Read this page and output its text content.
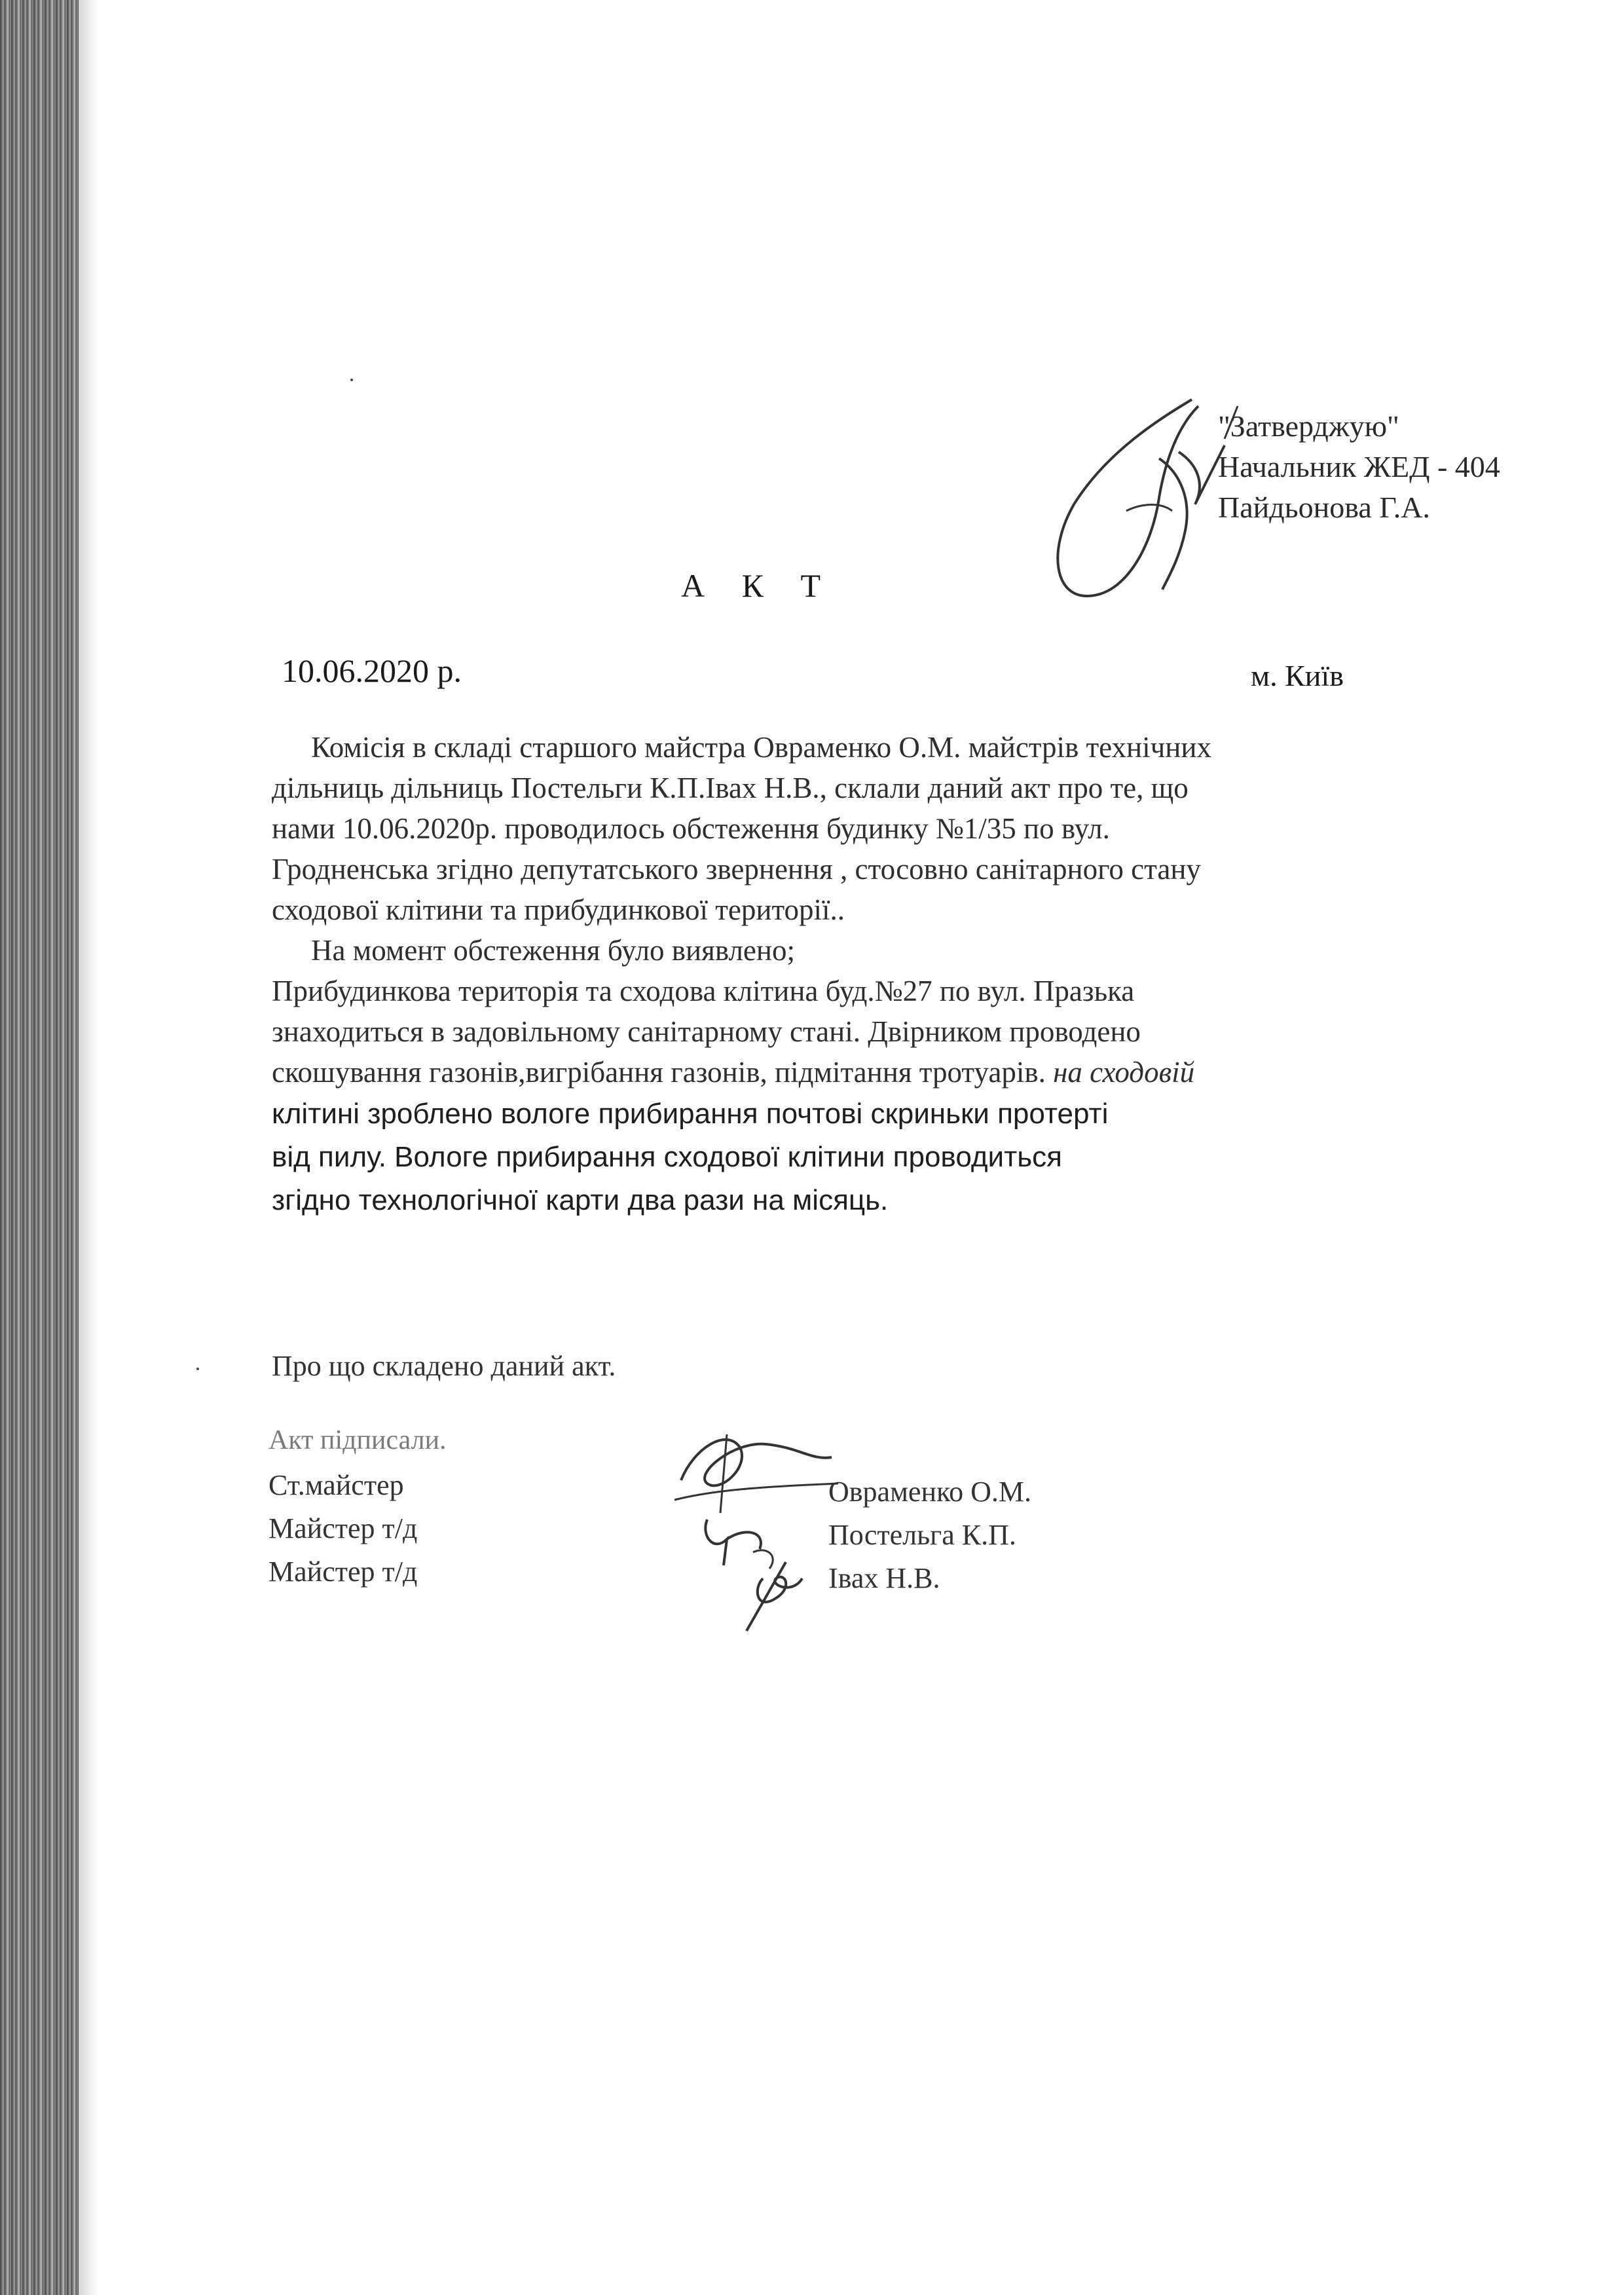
"Затверджую"
Начальник ЖЕД - 404
Пайдьонова Г.А.
А К Т
10.06.2020 р.	м. Київ
Комісія в складі старшого майстра Овраменко О.М. майстрів технічних
дільниць дільниць Постельги К.П.Івах Н.В., склали даний акт про те, що
нами 10.06.2020р. проводилось обстеження будинку №1/35 по вул.
Гродненська згідно депутатського звернення , стосовно санітарного стану
сходової клітини та прибудинкової території..
На момент обстеження було виявлено;
Прибудинкова територія та сходова клітина буд.№27 по вул. Празька
знаходиться в задовільному санітарному стані. Двірником проводено
скошування газонів,вигрібання газонів, підмітання тротуарів. на сходовій
клітині зроблено вологе прибирання почтові скриньки протерті
від пилу. Вологе прибирання сходової клітини проводиться
згідно технологічної карти два рази на місяць.
Про що складено даний акт.
Акт підписали.
Ст.майстер
Майстер т/д
Майстер т/д
Овраменко О.М.
Постельга К.П.
Івах Н.В.
